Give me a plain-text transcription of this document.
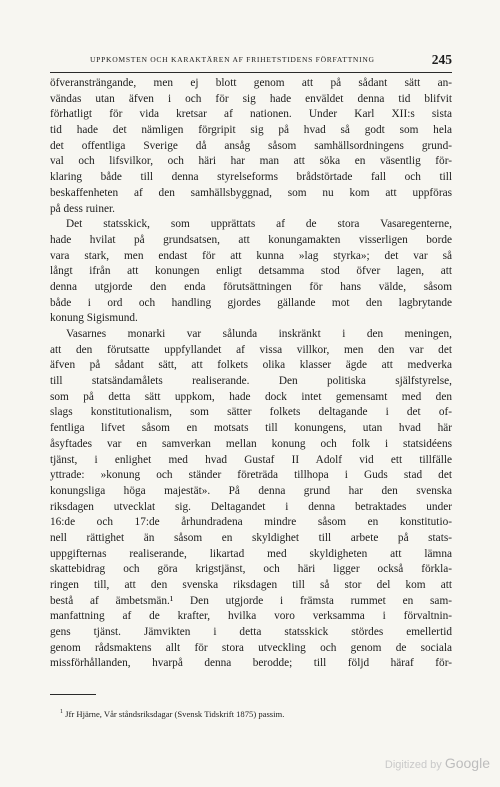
UPPKOMSTEN OCH KARAKTÄREN AF FRIHETSTIDENS FÖRFATTNING	245
öfveransträngande, men ej blott genom att på sådant sätt an-
vändas utan äfven i och för sig hade enväldet denna tid blifvit
förhatligt för vida kretsar af nationen. Under Karl XII:s sista
tid hade det nämligen förgripit sig på hvad så godt som hela
det offentliga Sverige då ansåg såsom samhällsordningens grund-
val och lifsvilkor, och häri har man att söka en väsentlig för-
klaring både till denna styrelseforms brådstörtade fall och till
beskaffenheten af den samhällsbyggnad, som nu kom att uppföras
på dess ruiner.
Det statsskick, som upprättats af de stora Vasaregenterne,
hade hvilat på grundsatsen, att konungamakten visserligen borde
vara stark, men endast för att kunna »lag styrka»; det var så
långt ifrån att konungen enligt detsamma stod öfver lagen, att
denna utgjorde den enda förutsättningen för hans välde, såsom
både i ord och handling gjordes gällande mot den lagbrytande
konung Sigismund.
Vasarnes monarki var sålunda inskränkt i den meningen,
att den förutsatte uppfyllandet af vissa villkor, men den var det
äfven på sådant sätt, att folkets olika klasser ägde att medverka
till statsändamålets realiserande. Den politiska själfstyrelse,
som på detta sätt uppkom, hade dock intet gemensamt med den
slags konstitutionalism, som sätter folkets deltagande i det of-
fentliga lifvet såsom en motsats till konungens, utan hvad här
åsyftades var en samverkan mellan konung och folk i statsidéens
tjänst, i enlighet med hvad Gustaf II Adolf vid ett tillfälle
yttrade: »konung och ständer företräda tillhopa i Guds stad det
konungsliga höga majestät». På denna grund har den svenska
riksdagen utvecklat sig. Deltagandet i denna betraktades under
16:de och 17:de århundradena mindre såsom en konstitutio-
nell rättighet än såsom en skyldighet till arbete på stats-
uppgifternas realiserande, likartad med skyldigheten att lämna
skattebidrag och göra krigstjänst, och häri ligger också förkla-
ringen till, att den svenska riksdagen till så stor del kom att
bestå af ämbetsmän.¹ Den utgjorde i främsta rummet en sam-
manfattning af de krafter, hvilka voro verksamma i förvaltnin-
gens tjänst. Jämvikten i detta statsskick stördes emellertid
genom rådsmaktens allt för stora utveckling och genom de sociala
missförhållanden, hvarpå denna berodde; till följd häraf för-
$^1$ Jfr Hjärne, Vår ståndsriksdagar (Svensk Tidskrift 1875) passim.
Digitized by Google
